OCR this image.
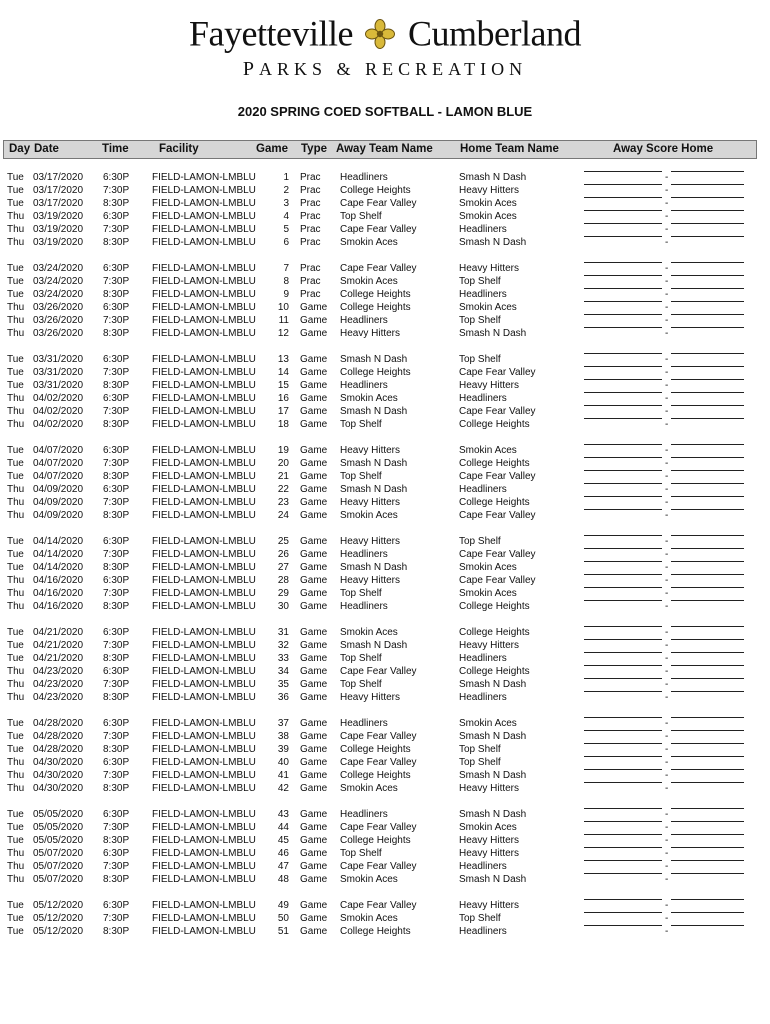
Fayetteville Cumberland
PARKS & RECREATION
2020 SPRING COED SOFTBALL - LAMON BLUE
Day Date	Time	Facility	Game Type Away Team Name Home Team Name	Away Score Home
Tue 03/17/2020 6:30P FIELD-LAMON-LMBLU	1 Prac Headliners	Smash N Dash	-
Tue 03/17/2020 7:30P FIELD-LAMON-LMBLU	2 Prac College Heights	Heavy Hitters	-
Tue 03/17/2020 8:30P FIELD-LAMON-LMBLU	3 Prac Cape Fear Valley	Smokin Aces	-
Thu 03/19/2020 6:30P FIELD-LAMON-LMBLU	4 Prac Top Shelf	Smokin Aces	-
Thu 03/19/2020 7:30P FIELD-LAMON-LMBLU	5 Prac Cape Fear Valley	Headliners	-
Thu 03/19/2020 8:30P FIELD-LAMON-LMBLU	6 Prac Smokin Aces	Smash N Dash	-
Tue 03/24/2020 6:30P FIELD-LAMON-LMBLU	7 Prac Cape Fear Valley	Heavy Hitters	-
Tue 03/24/2020 7:30P FIELD-LAMON-LMBLU	8 Prac Smokin Aces	Top Shelf	-
Tue 03/24/2020 8:30P FIELD-LAMON-LMBLU	9 Prac College Heights	Headliners	-
Thu 03/26/2020 6:30P FIELD-LAMON-LMBLU	10 Game College Heights	Smokin Aces	-
Thu 03/26/2020 7:30P FIELD-LAMON-LMBLU	11 Game Headliners	Top Shelf	-
Thu 03/26/2020 8:30P FIELD-LAMON-LMBLU	12 Game Heavy Hitters	Smash N Dash	-
Tue 03/31/2020 6:30P FIELD-LAMON-LMBLU	13 Game Smash N Dash	Top Shelf	-
Tue 03/31/2020 7:30P FIELD-LAMON-LMBLU	14 Game College Heights	Cape Fear Valley	-
Tue 03/31/2020 8:30P FIELD-LAMON-LMBLU	15 Game Headliners	Heavy Hitters	-
Thu 04/02/2020 6:30P FIELD-LAMON-LMBLU	16 Game Smokin Aces	Headliners	-
Thu 04/02/2020 7:30P FIELD-LAMON-LMBLU	17 Game Smash N Dash	Cape Fear Valley	-
Thu 04/02/2020 8:30P FIELD-LAMON-LMBLU	18 Game Top Shelf	College Heights	-
Tue 04/07/2020 6:30P FIELD-LAMON-LMBLU	19 Game Heavy Hitters	Smokin Aces	-
Tue 04/07/2020 7:30P FIELD-LAMON-LMBLU	20 Game Smash N Dash	College Heights	-
Tue 04/07/2020 8:30P FIELD-LAMON-LMBLU	21 Game Top Shelf	Cape Fear Valley	-
Thu 04/09/2020 6:30P FIELD-LAMON-LMBLU	22 Game Smash N Dash	Headliners	-
Thu 04/09/2020 7:30P FIELD-LAMON-LMBLU	23 Game Heavy Hitters	College Heights	-
Thu 04/09/2020 8:30P FIELD-LAMON-LMBLU	24 Game Smokin Aces	Cape Fear Valley	-
Tue 04/14/2020 6:30P FIELD-LAMON-LMBLU	25 Game Heavy Hitters	Top Shelf	-
Tue 04/14/2020 7:30P FIELD-LAMON-LMBLU	26 Game Headliners	Cape Fear Valley	-
Tue 04/14/2020 8:30P FIELD-LAMON-LMBLU	27 Game Smash N Dash	Smokin Aces	-
Thu 04/16/2020 6:30P FIELD-LAMON-LMBLU	28 Game Heavy Hitters	Cape Fear Valley	-
Thu 04/16/2020 7:30P FIELD-LAMON-LMBLU	29 Game Top Shelf	Smokin Aces	-
Thu 04/16/2020 8:30P FIELD-LAMON-LMBLU	30 Game Headliners	College Heights	-
Tue 04/21/2020 6:30P FIELD-LAMON-LMBLU	31 Game Smokin Aces	College Heights	-
Tue 04/21/2020 7:30P FIELD-LAMON-LMBLU	32 Game Smash N Dash	Heavy Hitters	-
Tue 04/21/2020 8:30P FIELD-LAMON-LMBLU	33 Game Top Shelf	Headliners	-
Thu 04/23/2020 6:30P FIELD-LAMON-LMBLU	34 Game Cape Fear Valley	College Heights	-
Thu 04/23/2020 7:30P FIELD-LAMON-LMBLU	35 Game Top Shelf	Smash N Dash	-
Thu 04/23/2020 8:30P FIELD-LAMON-LMBLU	36 Game Heavy Hitters	Headliners	-
Tue 04/28/2020 6:30P FIELD-LAMON-LMBLU	37 Game Headliners	Smokin Aces	-
Tue 04/28/2020 7:30P FIELD-LAMON-LMBLU	38 Game Cape Fear Valley	Smash N Dash	-
Tue 04/28/2020 8:30P FIELD-LAMON-LMBLU	39 Game College Heights	Top Shelf	-
Thu 04/30/2020 6:30P FIELD-LAMON-LMBLU	40 Game Cape Fear Valley	Top Shelf	-
Thu 04/30/2020 7:30P FIELD-LAMON-LMBLU	41 Game College Heights	Smash N Dash	-
Thu 04/30/2020 8:30P FIELD-LAMON-LMBLU	42 Game Smokin Aces	Heavy Hitters	-
Tue 05/05/2020 6:30P FIELD-LAMON-LMBLU	43 Game Headliners	Smash N Dash	-
Tue 05/05/2020 7:30P FIELD-LAMON-LMBLU	44 Game Cape Fear Valley	Smokin Aces	-
Tue 05/05/2020 8:30P FIELD-LAMON-LMBLU	45 Game College Heights	Heavy Hitters	-
Thu 05/07/2020 6:30P FIELD-LAMON-LMBLU	46 Game Top Shelf	Heavy Hitters	-
Thu 05/07/2020 7:30P FIELD-LAMON-LMBLU	47 Game Cape Fear Valley	Headliners	-
Thu 05/07/2020 8:30P FIELD-LAMON-LMBLU	48 Game Smokin Aces	Smash N Dash	-
Tue 05/12/2020 6:30P FIELD-LAMON-LMBLU	49 Game Cape Fear Valley	Heavy Hitters	-
Tue 05/12/2020 7:30P FIELD-LAMON-LMBLU	50 Game Smokin Aces	Top Shelf	-
Tue 05/12/2020 8:30P FIELD-LAMON-LMBLU	51 Game College Heights	Headliners	-
